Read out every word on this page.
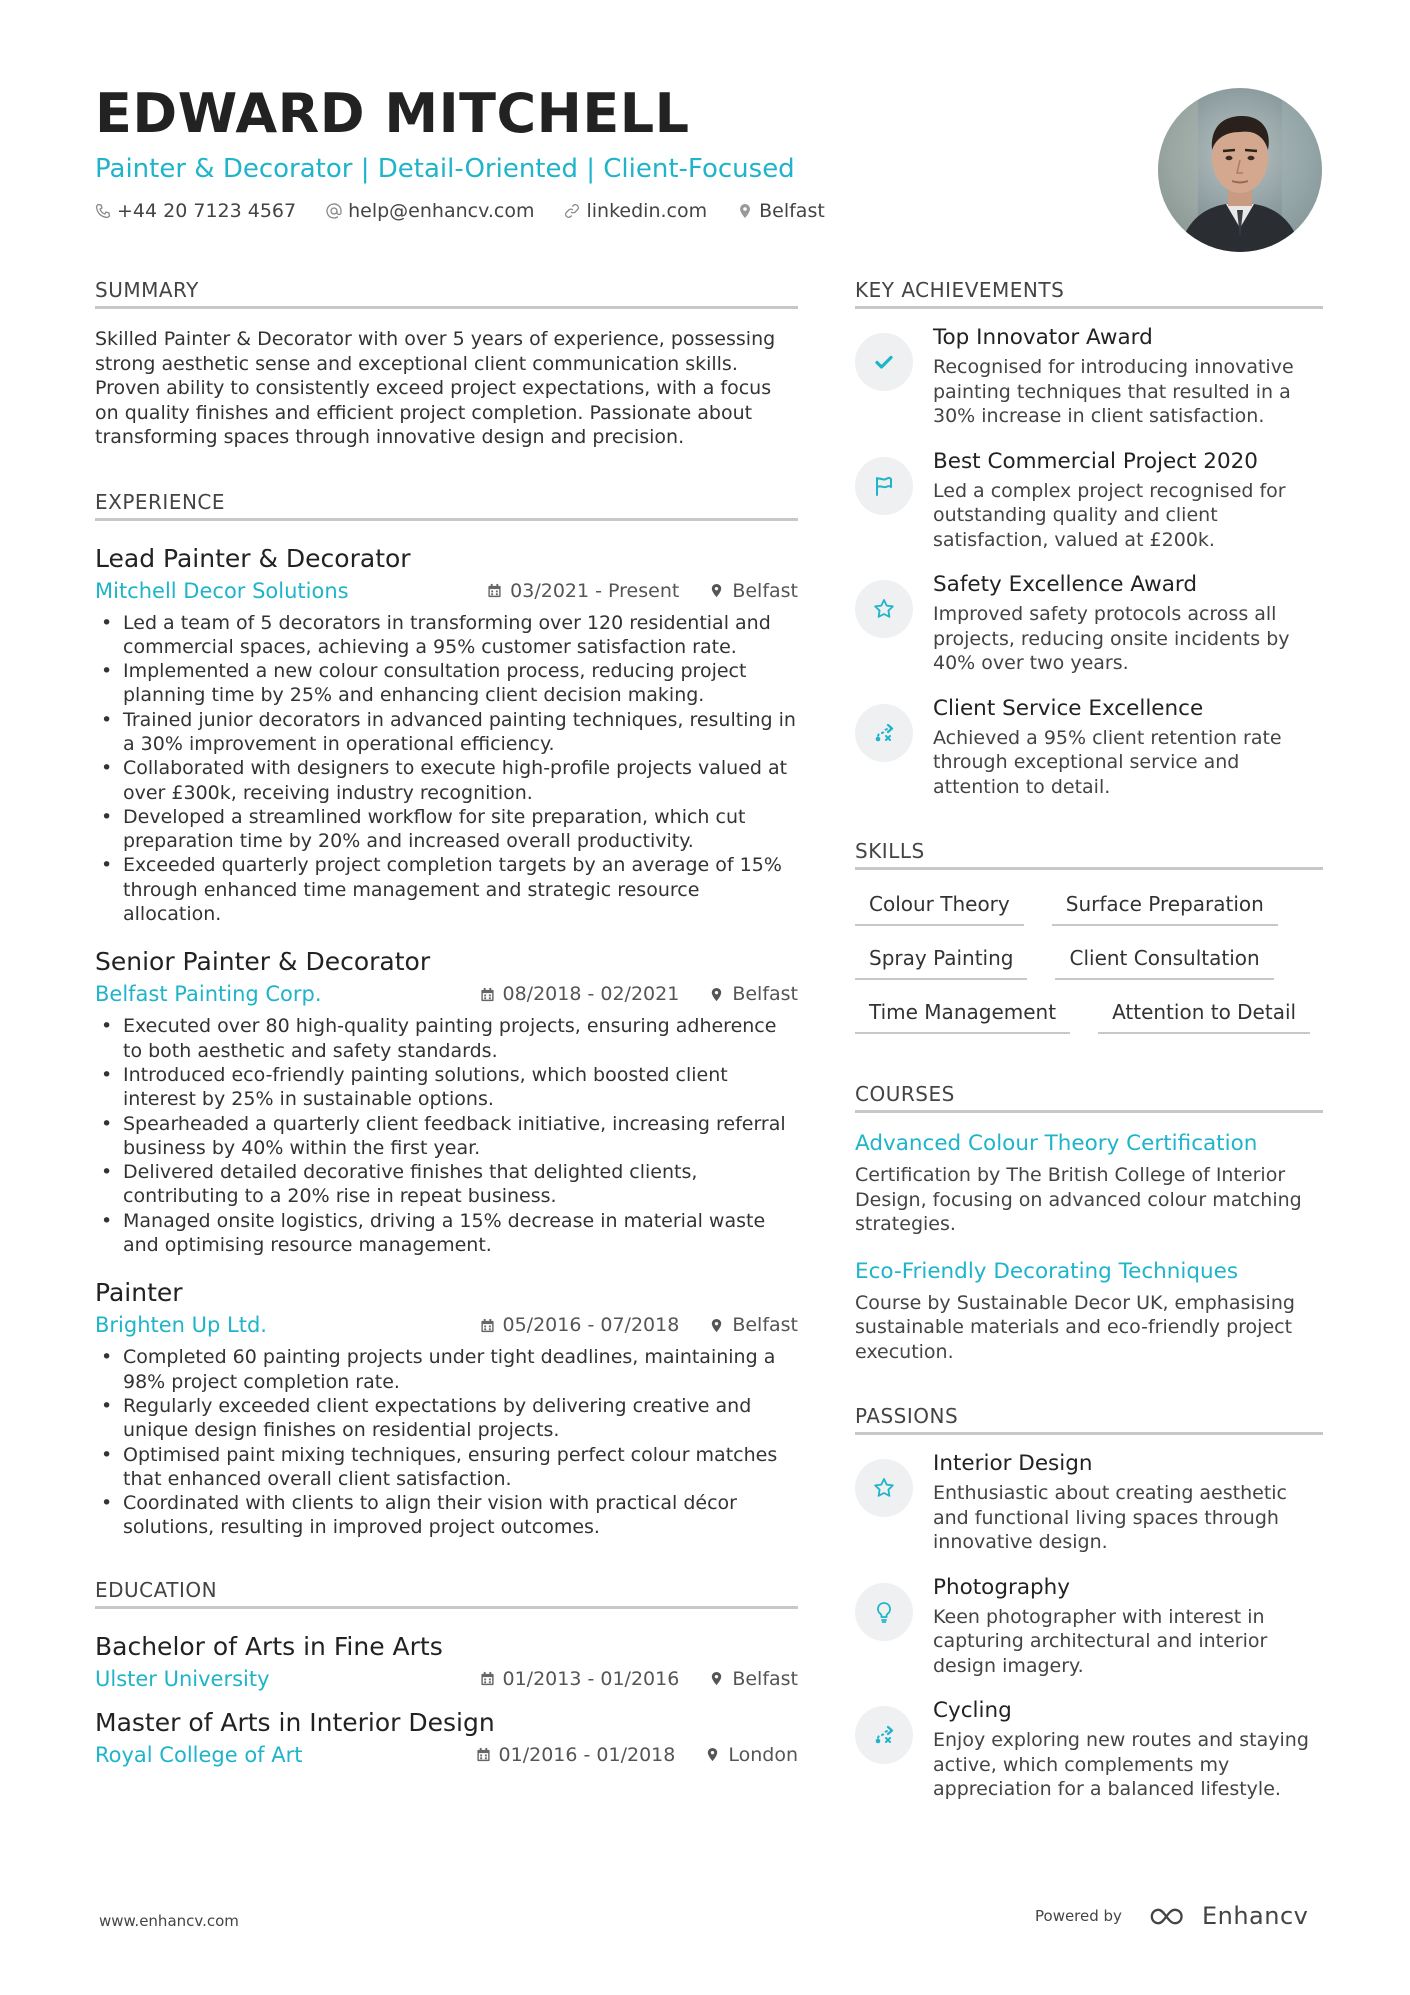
EDWARD MITCHELL
Painter & Decorator | Detail-Oriented | Client-Focused
+44 20 7123 4567	help@enhancv.com	linkedin.com	Belfast
SUMMARY
Skilled Painter & Decorator with over 5 years of experience, possessing strong aesthetic sense and exceptional client communication skills. Proven ability to consistently exceed project expectations, with a focus on quality finishes and efficient project completion. Passionate about transforming spaces through innovative design and precision.
EXPERIENCE
Lead Painter & Decorator
Mitchell Decor Solutions	03/2021 - Present	Belfast
• Led a team of 5 decorators in transforming over 120 residential and commercial spaces, achieving a 95% customer satisfaction rate.
• Implemented a new colour consultation process, reducing project planning time by 25% and enhancing client decision making.
• Trained junior decorators in advanced painting techniques, resulting in a 30% improvement in operational efficiency.
• Collaborated with designers to execute high-profile projects valued at over £300k, receiving industry recognition.
• Developed a streamlined workflow for site preparation, which cut preparation time by 20% and increased overall productivity.
• Exceeded quarterly project completion targets by an average of 15% through enhanced time management and strategic resource allocation.
Senior Painter & Decorator
Belfast Painting Corp.	08/2018 - 02/2021	Belfast
• Executed over 80 high-quality painting projects, ensuring adherence to both aesthetic and safety standards.
• Introduced eco-friendly painting solutions, which boosted client interest by 25% in sustainable options.
• Spearheaded a quarterly client feedback initiative, increasing referral business by 40% within the first year.
• Delivered detailed decorative finishes that delighted clients, contributing to a 20% rise in repeat business.
• Managed onsite logistics, driving a 15% decrease in material waste and optimising resource management.
Painter
Brighten Up Ltd.	05/2016 - 07/2018	Belfast
• Completed 60 painting projects under tight deadlines, maintaining a 98% project completion rate.
• Regularly exceeded client expectations by delivering creative and unique design finishes on residential projects.
• Optimised paint mixing techniques, ensuring perfect colour matches that enhanced overall client satisfaction.
• Coordinated with clients to align their vision with practical décor solutions, resulting in improved project outcomes.
EDUCATION
Bachelor of Arts in Fine Arts
Ulster University	01/2013 - 01/2016	Belfast
Master of Arts in Interior Design
Royal College of Art	01/2016 - 01/2018	London
KEY ACHIEVEMENTS
Top Innovator Award
Recognised for introducing innovative painting techniques that resulted in a 30% increase in client satisfaction.
Best Commercial Project 2020
Led a complex project recognised for outstanding quality and client satisfaction, valued at £200k.
Safety Excellence Award
Improved safety protocols across all projects, reducing onsite incidents by 40% over two years.
Client Service Excellence
Achieved a 95% client retention rate through exceptional service and attention to detail.
SKILLS
Colour Theory	Surface Preparation
Spray Painting	Client Consultation
Time Management	Attention to Detail
COURSES
Advanced Colour Theory Certification
Certification by The British College of Interior Design, focusing on advanced colour matching strategies.
Eco-Friendly Decorating Techniques
Course by Sustainable Decor UK, emphasising sustainable materials and eco-friendly project execution.
PASSIONS
Interior Design
Enthusiastic about creating aesthetic and functional living spaces through innovative design.
Photography
Keen photographer with interest in capturing architectural and interior design imagery.
Cycling
Enjoy exploring new routes and staying active, which complements my appreciation for a balanced lifestyle.
www.enhancv.com	Powered by	Enhancv
